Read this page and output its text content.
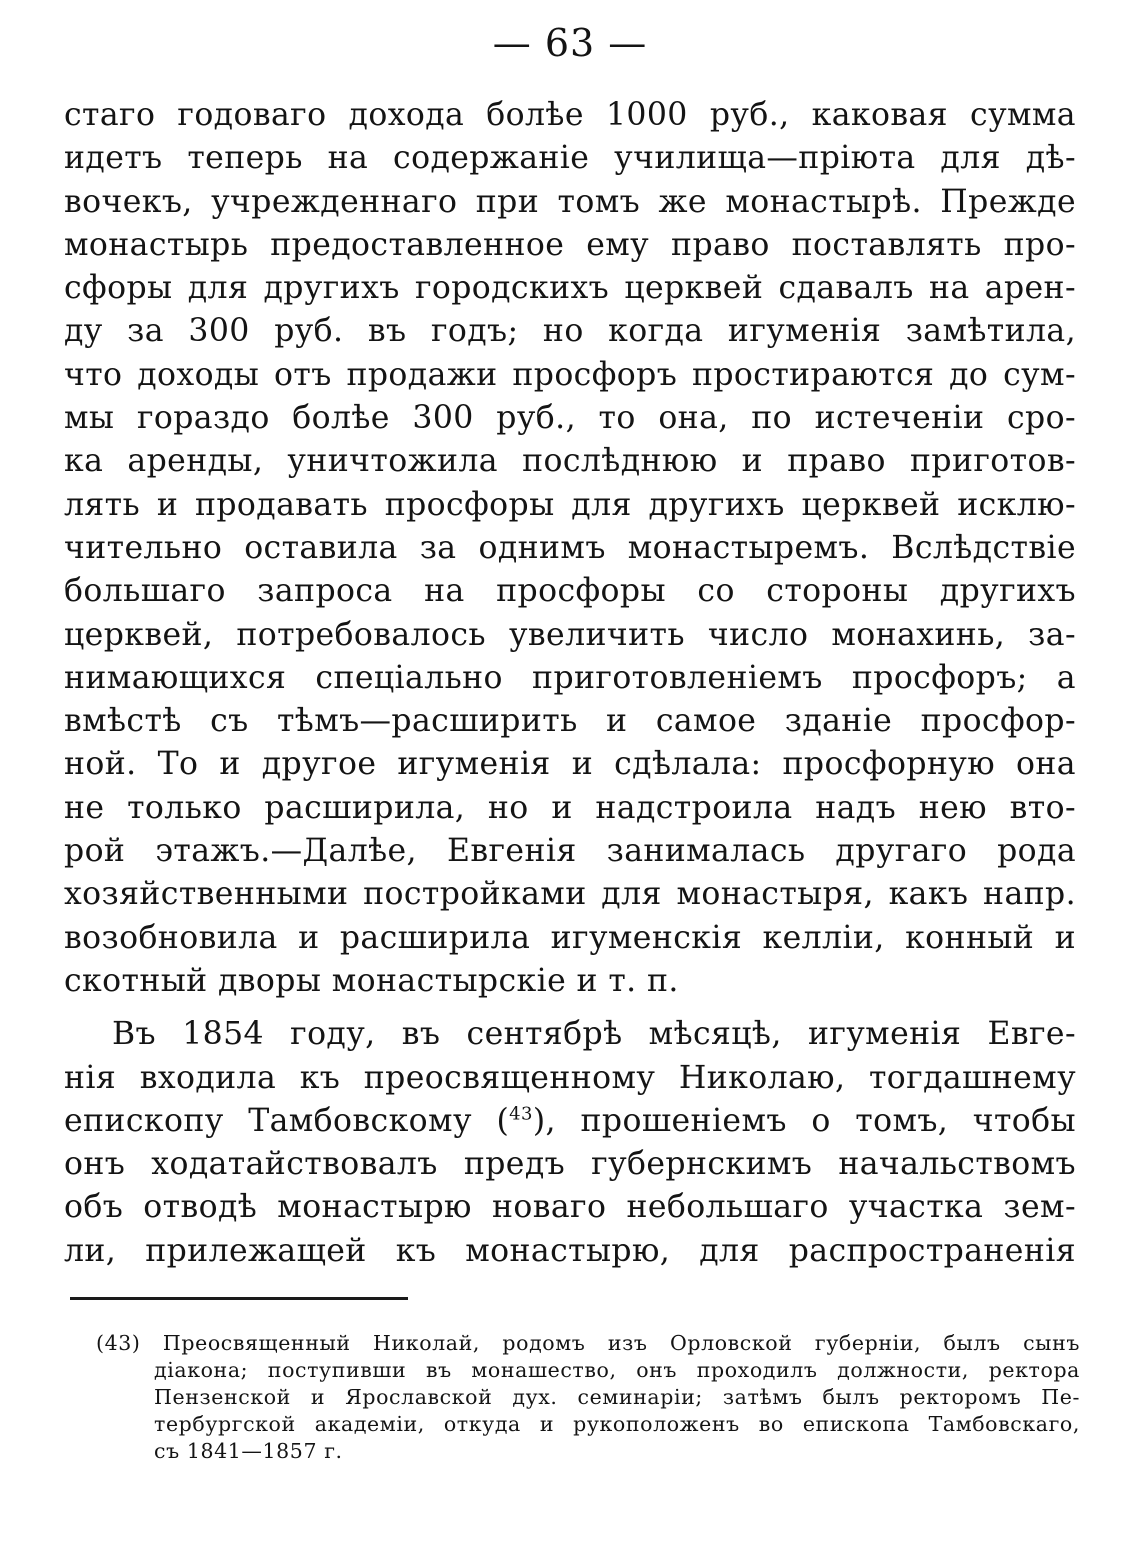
— 63 —
стаго годоваго дохода болѣе 1000 руб., каковая сумма
идетъ теперь на содержаніе училища—пріюта для дѣ-
вочекъ, учрежденнаго при томъ же монастырѣ. Прежде
монастырь предоставленное ему право поставлять про-
сфоры для другихъ городскихъ церквей сдавалъ на арен-
ду за 300 руб. въ годъ; но когда игуменія замѣтила,
что доходы отъ продажи просфоръ простираются до сум-
мы гораздо болѣе 300 руб., то она, по истеченіи сро-
ка аренды, уничтожила послѣднюю и право приготов-
лять и продавать просфоры для другихъ церквей исклю-
чительно оставила за однимъ монастыремъ. Вслѣдствіе
большаго запроса на просфоры со стороны другихъ
церквей, потребовалось увеличить число монахинь, за-
нимающихся спеціально приготовленіемъ просфоръ; а
вмѣстѣ съ тѣмъ—расширить и самое зданіе просфор-
ной. То и другое игуменія и сдѣлала: просфорную она
не только расширила, но и надстроила надъ нею вто-
рой этажъ.—Далѣе, Евгенія занималась другаго рода
хозяйственными постройками для монастыря, какъ напр.
возобновила и расширила игуменскія келліи, конный и
скотный дворы монастырскіе и т. п.
Въ 1854 году, въ сентябрѣ мѣсяцѣ, игуменія Евге-
нія входила къ преосвященному Николаю, тогдашнему
епископу Тамбовскому ($^{43}$), прошеніемъ о томъ, чтобы
онъ ходатайствовалъ предъ губернскимъ начальствомъ
объ отводѣ монастырю новаго небольшаго участка зем-
ли, прилежащей къ монастырю, для распространенія
(43) Преосвященный Николай, родомъ изъ Орловской губерніи, былъ сынъ
діакона; поступивши въ монашество, онъ проходилъ должности, ректора
Пензенской и Ярославской дух. семинаріи; затѣмъ былъ ректоромъ Пе-
тербургской академіи, откуда и рукоположенъ во епископа Тамбовскаго,
съ 1841—1857 г.
